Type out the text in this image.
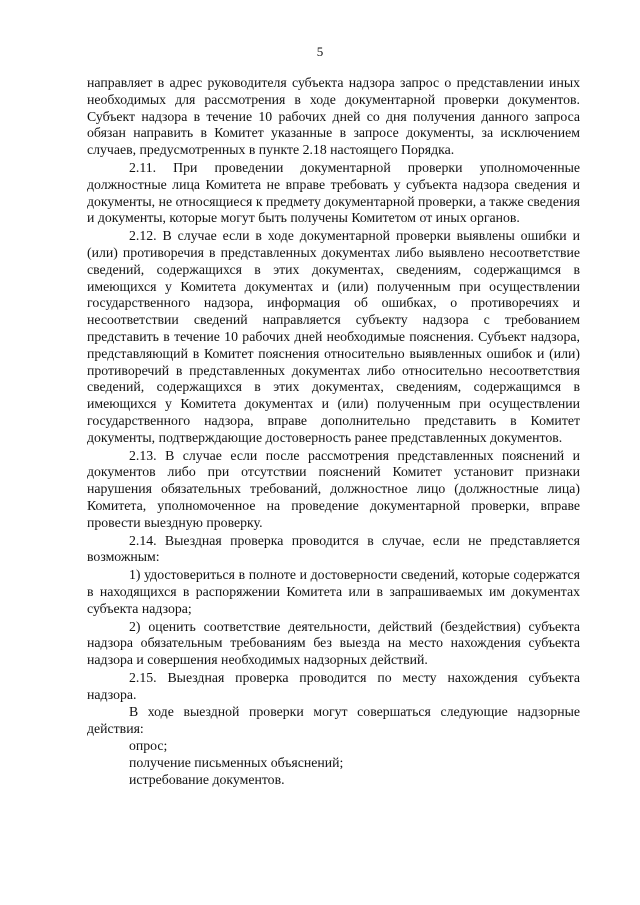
5

направляет в адрес руководителя субъекта надзора запрос о представлении иных необходимых для рассмотрения в ходе документарной проверки документов. Субъект надзора в течение 10 рабочих дней со дня получения данного запроса обязан направить в Комитет указанные в запросе документы, за исключением случаев, предусмотренных в пункте 2.18 настоящего Порядка.

2.11. При проведении документарной проверки уполномоченные должностные лица Комитета не вправе требовать у субъекта надзора сведения и документы, не относящиеся к предмету документарной проверки, а также сведения и документы, которые могут быть получены Комитетом от иных органов.

2.12. В случае если в ходе документарной проверки выявлены ошибки и (или) противоречия в представленных документах либо выявлено несоответствие сведений, содержащихся в этих документах, сведениям, содержащимся в имеющихся у Комитета документах и (или) полученным при осуществлении государственного надзора, информация об ошибках, о противоречиях и несоответствии сведений направляется субъекту надзора с требованием представить в течение 10 рабочих дней необходимые пояснения. Субъект надзора, представляющий в Комитет пояснения относительно выявленных ошибок и (или) противоречий в представленных документах либо относительно несоответствия сведений, содержащихся в этих документах, сведениям, содержащимся в имеющихся у Комитета документах и (или) полученным при осуществлении государственного надзора, вправе дополнительно представить в Комитет документы, подтверждающие достоверность ранее представленных документов.

2.13. В случае если после рассмотрения представленных пояснений и документов либо при отсутствии пояснений Комитет установит признаки нарушения обязательных требований, должностное лицо (должностные лица) Комитета, уполномоченное на проведение документарной проверки, вправе провести выездную проверку.

2.14. Выездная проверка проводится в случае, если не представляется возможным:

1) удостовериться в полноте и достоверности сведений, которые содержатся в находящихся в распоряжении Комитета или в запрашиваемых им документах субъекта надзора;

2) оценить соответствие деятельности, действий (бездействия) субъекта надзора обязательным требованиям без выезда на место нахождения субъекта надзора и совершения необходимых надзорных действий.

2.15. Выездная проверка проводится по месту нахождения субъекта надзора.

В ходе выездной проверки могут совершаться следующие надзорные действия:

опрос;

получение письменных объяснений;

истребование документов.
